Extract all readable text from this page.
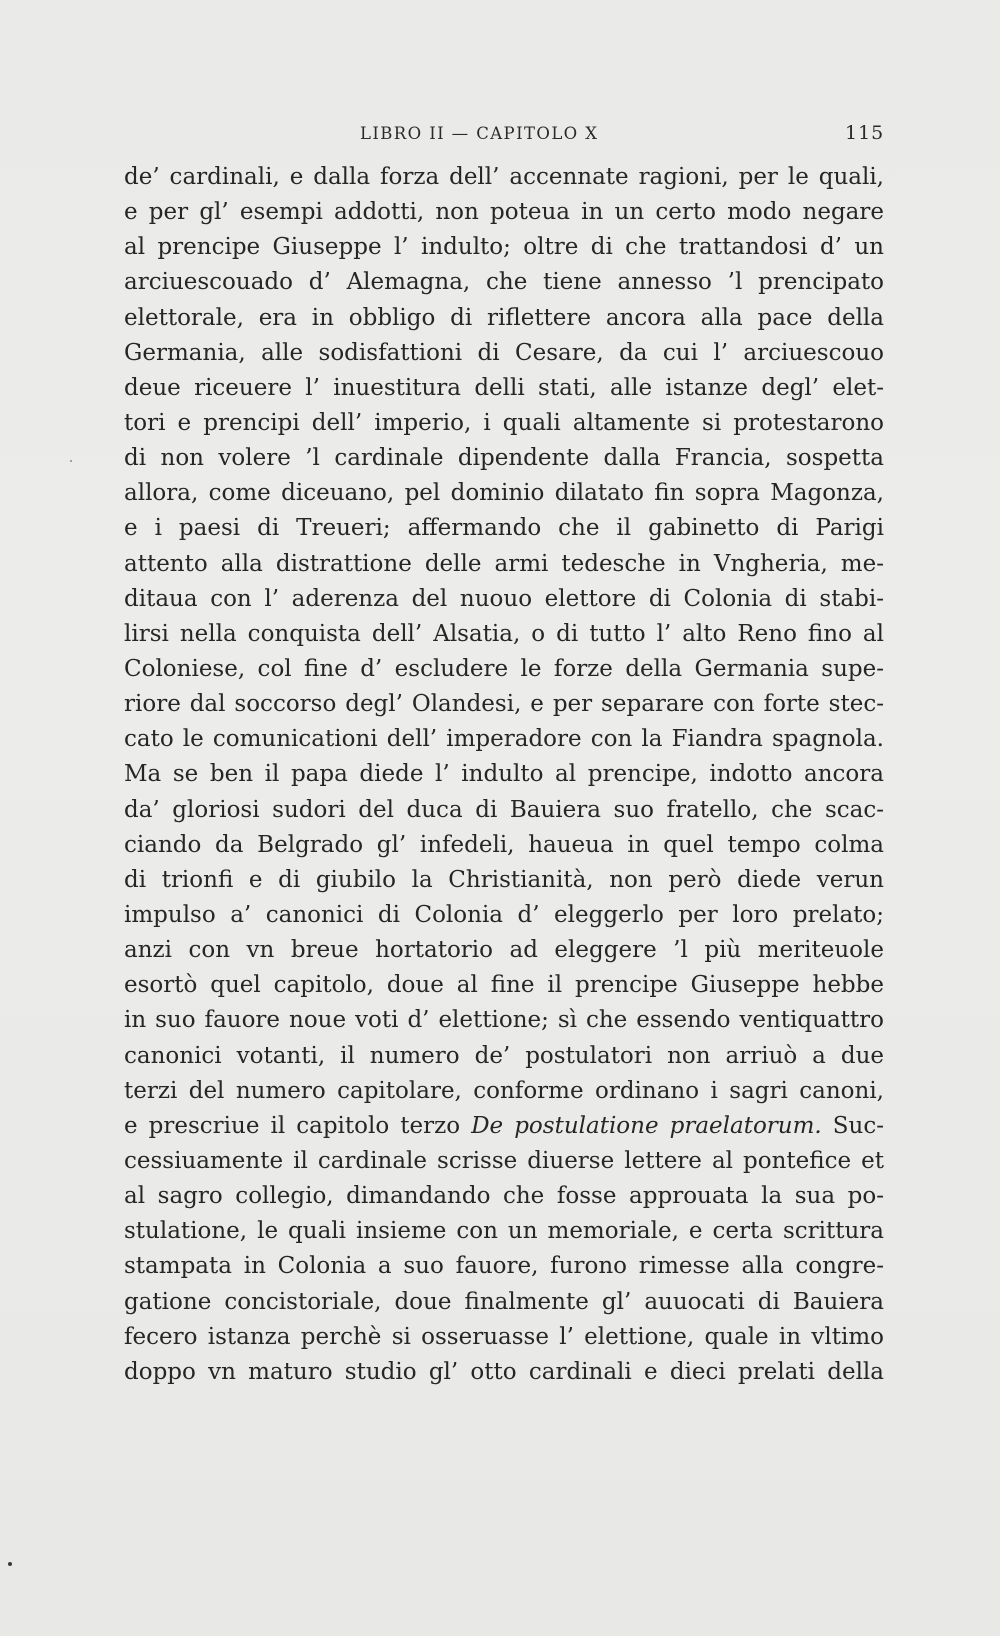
LIBRO II — CAPITOLO X	115
de’ cardinali, e dalla forza dell’ accennate ragioni, per le quali,
e per gl’ esempi addotti, non poteua in un certo modo negare
al prencipe Giuseppe l’ indulto; oltre di che trattandosi d’ un
arciuescouado d’ Alemagna, che tiene annesso ’l prencipato
elettorale, era in obbligo di riflettere ancora alla pace della
Germania, alle sodisfattioni di Cesare, da cui l’ arciuescouo
deue riceuere l’ inuestitura delli stati, alle istanze degl’ elet-
tori e prencipi dell’ imperio, i quali altamente si protestarono
di non volere ’l cardinale dipendente dalla Francia, sospetta
allora, come diceuano, pel dominio dilatato fin sopra Magonza,
e i paesi di Treueri; affermando che il gabinetto di Parigi
attento alla distrattione delle armi tedesche in Vngheria, me-
ditaua con l’ aderenza del nuouo elettore di Colonia di stabi-
lirsi nella conquista dell’ Alsatia, o di tutto l’ alto Reno fino al
Coloniese, col fine d’ escludere le forze della Germania supe-
riore dal soccorso degl’ Olandesi, e per separare con forte stec-
cato le comunicationi dell’ imperadore con la Fiandra spagnola.
Ma se ben il papa diede l’ indulto al prencipe, indotto ancora
da’ gloriosi sudori del duca di Bauiera suo fratello, che scac-
ciando da Belgrado gl’ infedeli, haueua in quel tempo colma
di trionfi e di giubilo la Christianità, non però diede verun
impulso a’ canonici di Colonia d’ eleggerlo per loro prelato;
anzi con vn breue hortatorio ad eleggere ’l più meriteuole
esortò quel capitolo, doue al fine il prencipe Giuseppe hebbe
in suo fauore noue voti d’ elettione; sì che essendo ventiquattro
canonici votanti, il numero de’ postulatori non arriuò a due
terzi del numero capitolare, conforme ordinano i sagri canoni,
e prescriue il capitolo terzo De postulatione praelatorum. Suc-
cessiuamente il cardinale scrisse diuerse lettere al pontefice et
al sagro collegio, dimandando che fosse approuata la sua po-
stulatione, le quali insieme con un memoriale, e certa scrittura
stampata in Colonia a suo fauore, furono rimesse alla congre-
gatione concistoriale, doue finalmente gl’ auuocati di Bauiera
fecero istanza perchè si osseruasse l’ elettione, quale in vltimo
doppo vn maturo studio gl’ otto cardinali e dieci prelati della
